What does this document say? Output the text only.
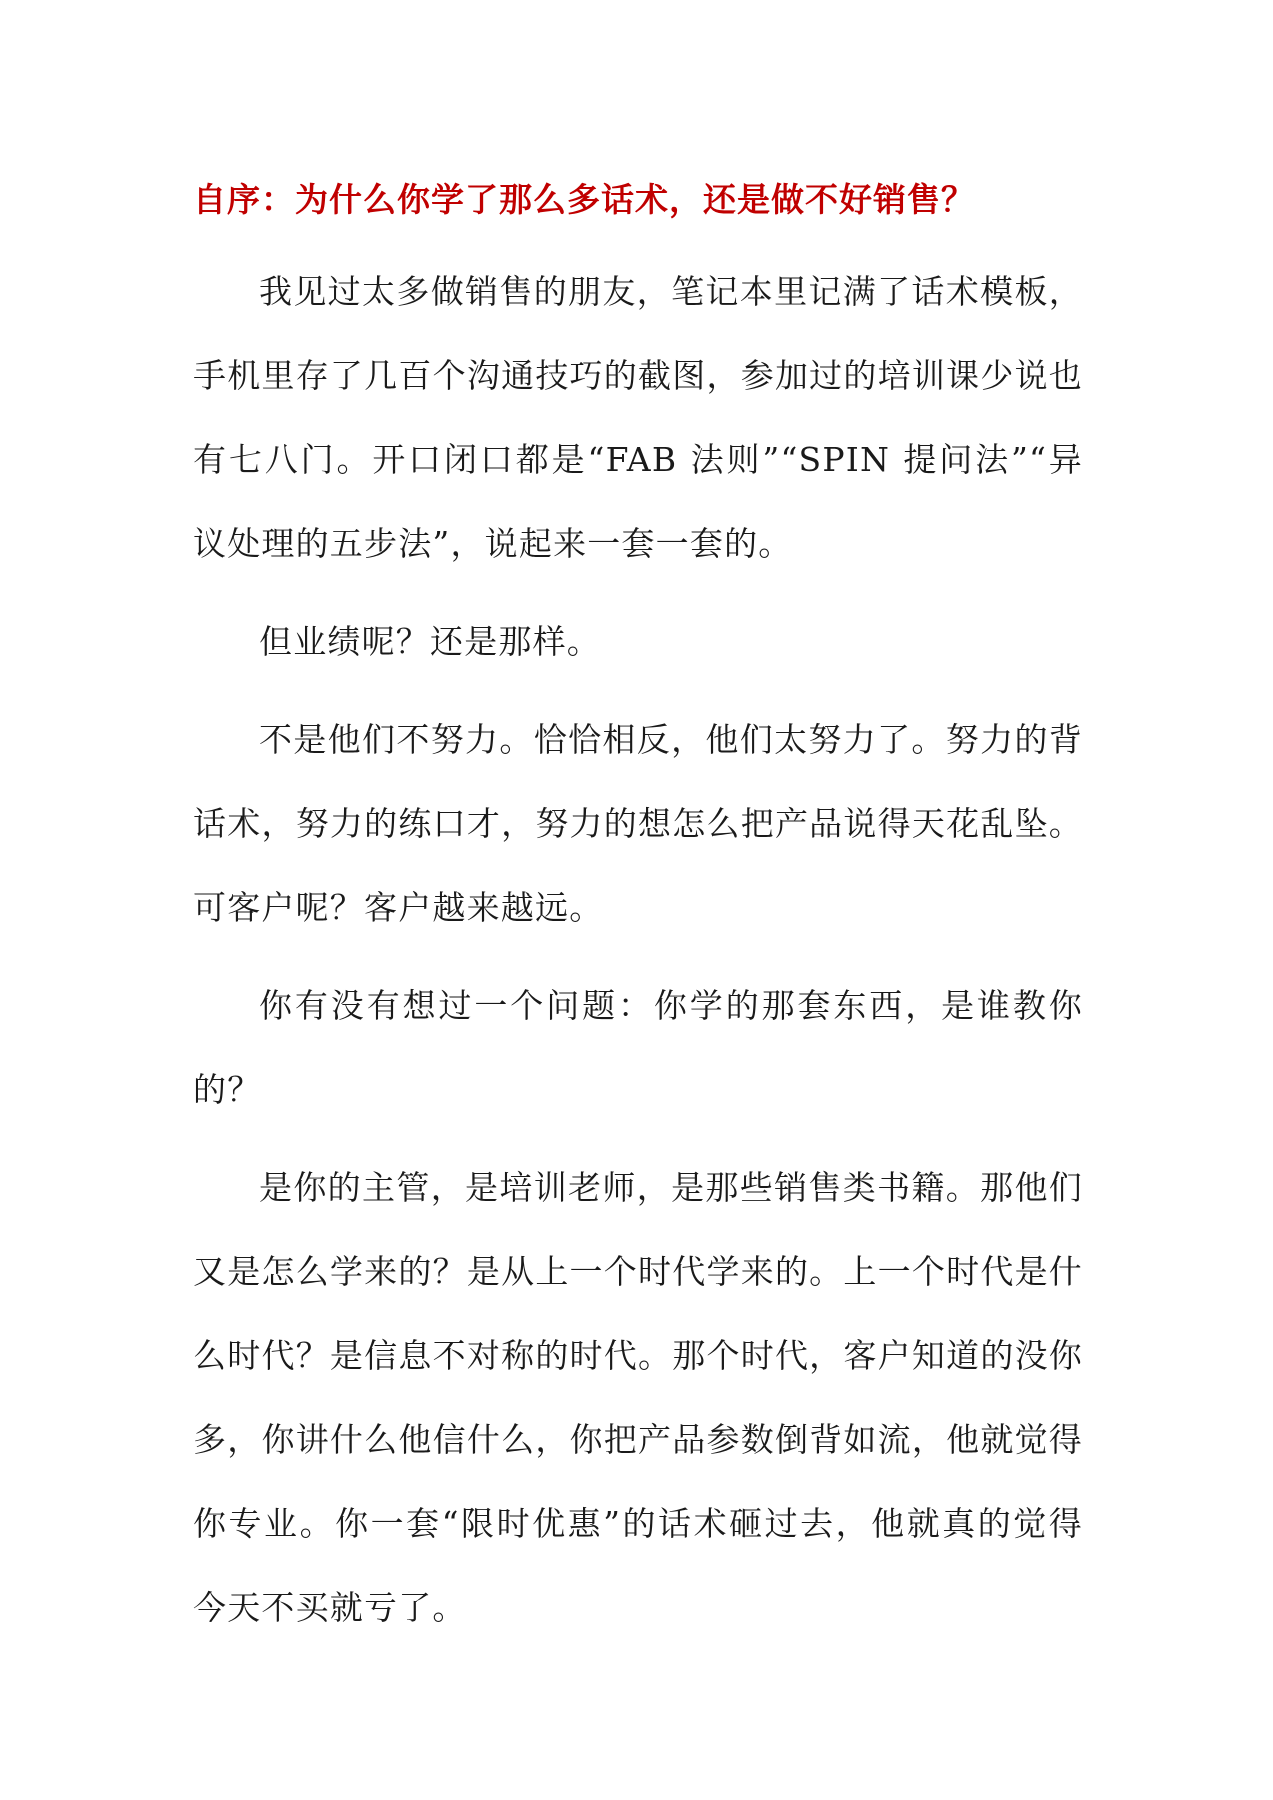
自序：为什么你学了那么多话术，还是做不好销售？

我见过太多做销售的朋友，笔记本里记满了话术模板，手机里存了几百个沟通技巧的截图，参加过的培训课少说也有七八门。开口闭口都是“FAB 法则”“SPIN 提问法”“异议处理的五步法”，说起来一套一套的。

但业绩呢？还是那样。

不是他们不努力。恰恰相反，他们太努力了。努力的背话术，努力的练口才，努力的想怎么把产品说得天花乱坠。可客户呢？客户越来越远。

你有没有想过一个问题：你学的那套东西，是谁教你的？

是你的主管，是培训老师，是那些销售类书籍。那他们又是怎么学来的？是从上一个时代学来的。上一个时代是什么时代？是信息不对称的时代。那个时代，客户知道的没你多，你讲什么他信什么，你把产品参数倒背如流，他就觉得你专业。你一套“限时优惠”的话术砸过去，他就真的觉得今天不买就亏了。
